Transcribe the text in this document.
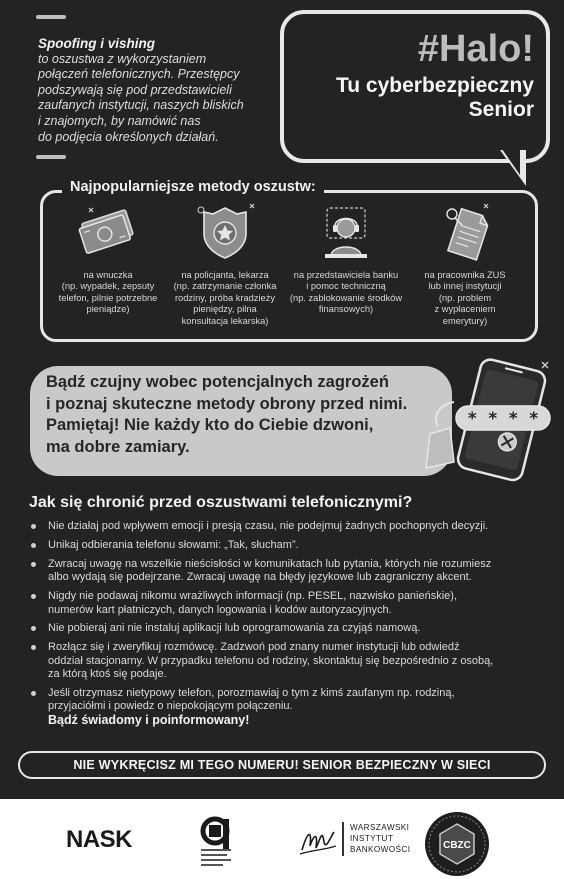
Spoofing i vishing
to oszustwa z wykorzystaniem
połączeń telefonicznych. Przestępcy
podszywają się pod przedstawicieli
zaufanych instytucji, naszych bliskich
i znajomych, by namówić nas
do podjęcia określonych działań.
#Halo!
Tu cyberbezpieczny
Senior
Najpopularniejsze metody oszustw:
na wnuczka
(np. wypadek, zepsuty
telefon, pilnie potrzebne
pieniądze)
na policjanta, lekarza
(np. zatrzymanie członka
rodziny, próba kradzieży
pieniędzy, pilna
konsultacja lekarska)
na przedstawiciela banku
i pomoc techniczną
(np. zablokowanie środków
finansowych)
na pracownika ZUS
lub innej instytucji
(np. problem
z wypłaceniem
emerytury)
* * * *
Bądź czujny wobec potencjalnych zagrożeń
i poznaj skuteczne metody obrony przed nimi.
Pamiętaj! Nie każdy kto do Ciebie dzwoni,
ma dobre zamiary.
Jak się chronić przed oszustwami telefonicznymi?
Nie działaj pod wpływem emocji i presją czasu, nie podejmuj żadnych pochopnych decyzji.
Unikaj odbierania telefonu słowami: „Tak, słucham”.
Zwracaj uwagę na wszelkie nieścisłości w komunikatach lub pytania, których nie rozumiesz
albo wydają się podejrzane. Zwracaj uwagę na błędy językowe lub zagraniczny akcent.
Nigdy nie podawaj nikomu wrażliwych informacji (np. PESEL, nazwisko panieńskie),
numerów kart płatniczych, danych logowania i kodów autoryzacyjnych.
Nie pobieraj ani nie instaluj aplikacji lub oprogramowania za czyjąś namową.
Rozłącz się i zweryfikuj rozmówcę. Zadzwoń pod znany numer instytucji lub odwiedź
oddział stacjonarny. W przypadku telefonu od rodziny, skontaktuj się bezpośrednio z osobą,
za którą ktoś się podaje.
Jeśli otrzymasz nietypowy telefon, porozmawiaj o tym z kimś zaufanym np. rodziną,
przyjaciółmi i powiedz o niepokojącym połączeniu.
Bądź świadomy i poinformowany!
NIE WYKRĘCISZ MI TEGO NUMERU! SENIOR BEZPIECZNY W SIECI
NASK	WARSZAWSKI
INSTYTUT
BANKOWOŚCI	CBZC
